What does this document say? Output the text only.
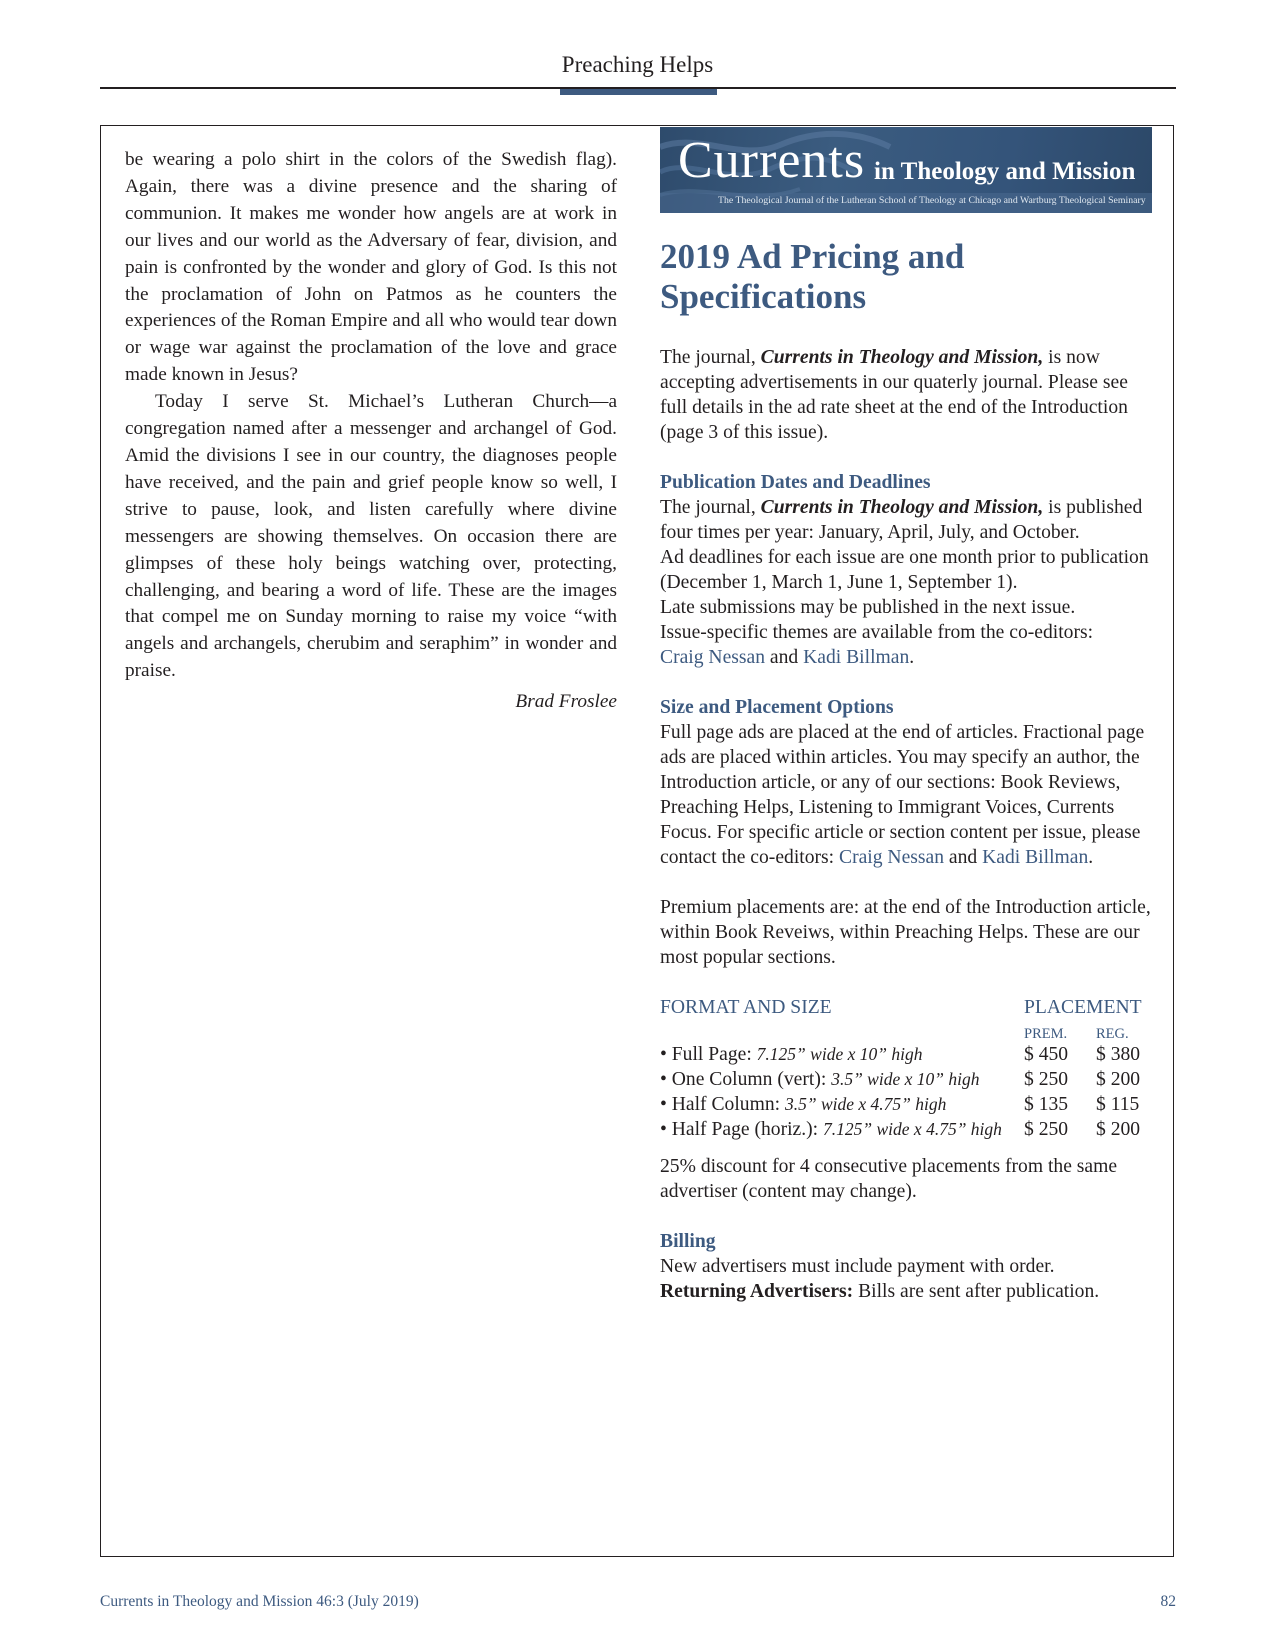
Preaching Helps

be wearing a polo shirt in the colors of the Swedish flag). Again, there was a divine presence and the sharing of communion. It makes me wonder how angels are at work in our lives and our world as the Adversary of fear, division, and pain is confronted by the wonder and glory of God. Is this not the proclamation of John on Patmos as he counters the experiences of the Roman Empire and all who would tear down or wage war against the proclamation of the love and grace made known in Jesus?

Today I serve St. Michael’s Lutheran Church—a congregation named after a messenger and archangel of God. Amid the divisions I see in our country, the diagnoses people have received, and the pain and grief people know so well, I strive to pause, look, and listen carefully where divine messengers are showing themselves. On occasion there are glimpses of these holy beings watching over, protecting, challenging, and bearing a word of life. These are the images that compel me on Sunday morning to raise my voice “with angels and archangels, cherubim and seraphim” in wonder and praise.

Brad Froslee

Currents in Theology and Mission
The Theological Journal of the Lutheran School of Theology at Chicago and Wartburg Theological Seminary
2019 Ad Pricing and Specifications

The journal, Currents in Theology and Mission, is now accepting advertisements in our quaterly journal. Please see full details in the ad rate sheet at the end of the Introduction (page 3 of this issue).

Publication Dates and Deadlines

The journal, Currents in Theology and Mission, is published four times per year: January, April, July, and October.

Ad deadlines for each issue are one month prior to publication (December 1, March 1, June 1, September 1).

Late submissions may be published in the next issue.

Issue-specific themes are available from the co-editors:

Craig Nessan and Kadi Billman.

Size and Placement Options

Full page ads are placed at the end of articles. Fractional page ads are placed within articles. You may specify an author, the Introduction article, or any of our sections: Book Reviews, Preaching Helps, Listening to Immigrant Voices, Currents Focus. For specific article or section content per issue, please contact the co-editors: Craig Nessan and Kadi Billman.

Premium placements are: at the end of the Introduction article, within Book Reveiws, within Preaching Helps. These are our most popular sections.

FORMAT AND SIZE	PLACEMENT
PREM. REG.
• Full Page: 7.125” wide x 10” high	$ 450 $ 380
• One Column (vert): 3.5” wide x 10” high $ 250 $ 200
• Half Column: 3.5” wide x 4.75” high	$ 135 $ 115
• Half Page (horiz.): 7.125” wide x 4.75” high $ 250 $ 200

25% discount for 4 consecutive placements from the same advertiser (content may change).

Billing

New advertisers must include payment with order.

Returning Advertisers: Bills are sent after publication.

Currents in Theology and Mission 46:3 (July 2019)	82
